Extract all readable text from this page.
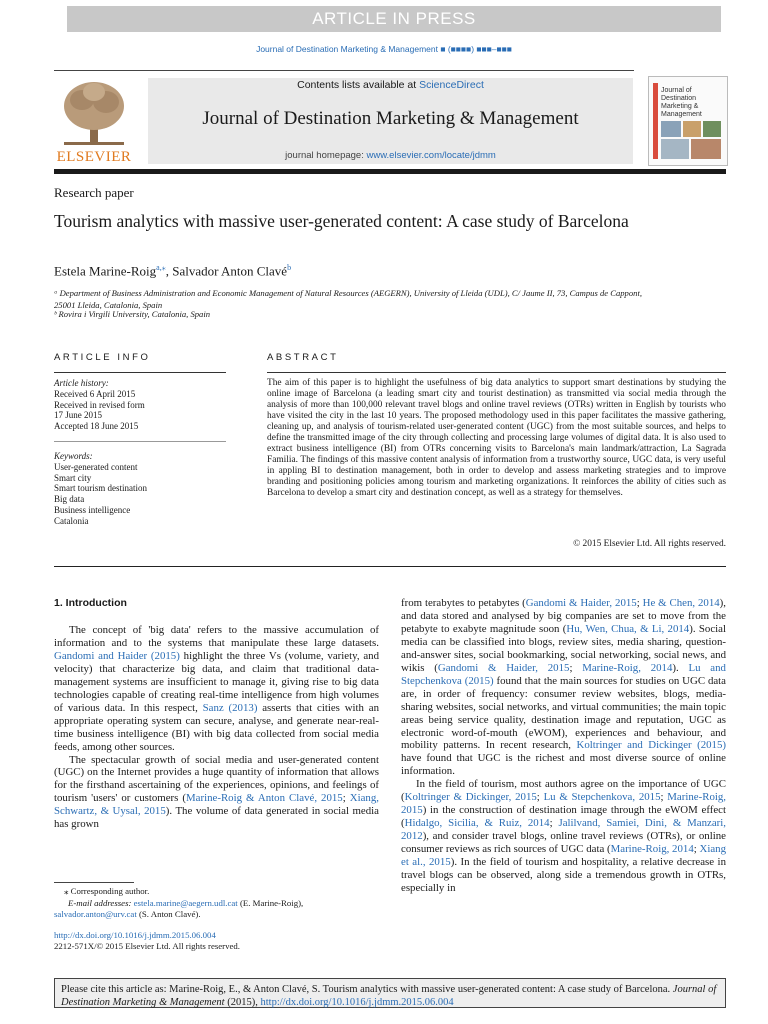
ARTICLE IN PRESS
Journal of Destination Marketing & Management ■ (■■■■) ■■■–■■■
ELSEVIER
Contents lists available at ScienceDirect
Journal of Destination Marketing & Management
journal homepage: www.elsevier.com/locate/jdmm
Journal of Destination Marketing & Management
Research paper
Tourism analytics with massive user-generated content: A case study of Barcelona
Estela Marine-Roig$^{a,⁎}$, Salvador Anton Clavé$^b$
ᵃ Department of Business Administration and Economic Management of Natural Resources (AEGERN), University of Lleida (UDL), C/ Jaume II, 73, Campus de Cappont, 25001 Lleida, Catalonia, Spain
ᵇ Rovira i Virgili University, Catalonia, Spain
ARTICLE INFO
Article history:
Received 6 April 2015
Received in revised form
17 June 2015
Accepted 18 June 2015
Keywords:
User-generated content
Smart city
Smart tourism destination
Big data
Business intelligence
Catalonia
ABSTRACT
The aim of this paper is to highlight the usefulness of big data analytics to support smart destinations by studying the online image of Barcelona (a leading smart city and tourist destination) as transmitted via social media through the analysis of more than 100,000 relevant travel blogs and online travel reviews (OTRs) written in English by tourists who have visited the city in the last 10 years. The proposed methodology used in this paper facilitates the massive gathering, cleaning up, and analysis of tourism-related user-generated content (UGC) from the most suitable sources, and helps to define the transmitted image of the city through collecting and processing large volumes of digital data. It is also used to extract business intelligence (BI) from OTRs concerning visits to Barcelona's main landmark/attraction, La Sagrada Familia. The findings of this massive content analysis of information from a trustworthy source, UGC data, is very useful in appling BI to destination management, both in order to develop and assess marketing strategies and to improve branding and positioning policies among tourism and marketing organizations. It reinforces the ability of cities such as Barcelona to develop a smart city and destination concept, as well as a strategy for themselves.
© 2015 Elsevier Ltd. All rights reserved.
1. Introduction

The concept of 'big data' refers to the massive accumulation of information and to the systems that manipulate these large datasets. Gandomi and Haider (2015) highlight the three Vs (volume, variety, and velocity) that characterize big data, and claim that traditional data-management systems are insufficient to manage it, giving rise to big data technologies capable of creating real-time intelligence from high volumes of various data. In this respect, Sanz (2013) asserts that cities with an appropriate operating system can secure, analyse, and generate near-real-time business intelligence (BI) with big data collected from social media feeds, among other sources.

The spectacular growth of social media and user-generated content (UGC) on the Internet provides a huge quantity of information that allows for the firsthand ascertaining of the experiences, opinions, and feelings of tourism 'users' or customers (Marine-Roig & Anton Clavé, 2015; Xiang, Schwartz, & Uysal, 2015). The volume of data generated in social media has grown

from terabytes to petabytes (Gandomi & Haider, 2015; He & Chen, 2014), and data stored and analysed by big companies are set to move from the petabyte to exabyte magnitude soon (Hu, Wen, Chua, & Li, 2014). Social media can be classified into blogs, review sites, media sharing, question-and-answer sites, social bookmarking, social networking, social news, and wikis (Gandomi & Haider, 2015; Marine-Roig, 2014). Lu and Stepchenkova (2015) found that the main sources for studies on UGC data are, in order of frequency: consumer review websites, blogs, media-sharing websites, social networks, and virtual communities; the main topic areas being service quality, destination image and reputation, UGC as electronic word-of-mouth (eWOM), experiences and behaviour, and mobility patterns. In recent research, Koltringer and Dickinger (2015) have found that UGC is the richest and most diverse source of online information.

In the field of tourism, most authors agree on the importance of UGC (Koltringer & Dickinger, 2015; Lu & Stepchenkova, 2015; Marine-Roig, 2015) in the construction of destination image through the eWOM effect (Hidalgo, Sicilia, & Ruiz, 2014; Jalilvand, Samiei, Dini, & Manzari, 2012), and consider travel blogs, online travel reviews (OTRs), or online consumer reviews as rich sources of UGC data (Marine-Roig, 2014; Xiang et al., 2015). In the field of tourism and hospitality, a relative decrease in travel blogs can be observed, along side a tremendous growth in OTRs, especially in

⁎ Corresponding author.
E-mail addresses: estela.marine@aegern.udl.cat (E. Marine-Roig),
salvador.anton@urv.cat (S. Anton Clavé).
http://dx.doi.org/10.1016/j.jdmm.2015.06.004
2212-571X/© 2015 Elsevier Ltd. All rights reserved.
Please cite this article as: Marine-Roig, E., & Anton Clavé, S. Tourism analytics with massive user-generated content: A case study of Barcelona. Journal of Destination Marketing & Management (2015), http://dx.doi.org/10.1016/j.jdmm.2015.06.004
